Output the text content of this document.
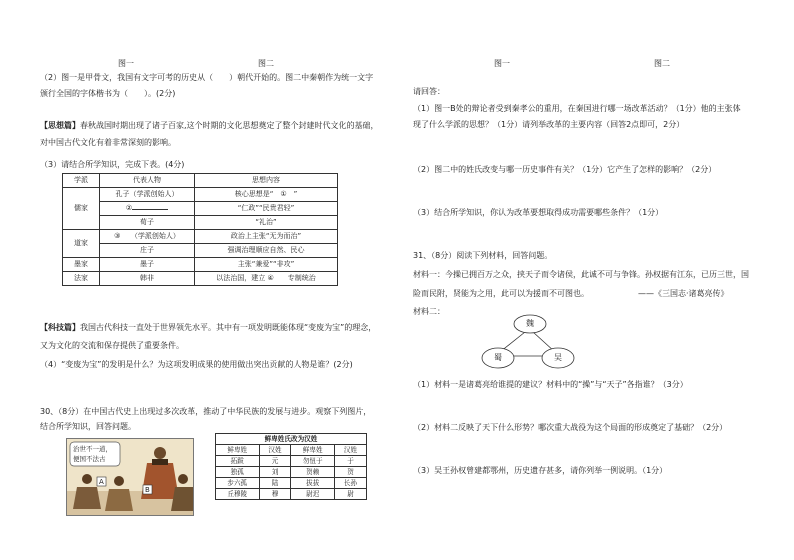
图一	图二
（2）图一是甲骨文，我国有文字可考的历史从（　　）朝代开始的。图二中秦朝作为统一文字
颁行全国的字体楷书为（　　）。(2分)
【思想篇】春秋战国时期出现了诸子百家,这个时期的文化思想奠定了整个封建时代文化的基础，
对中国古代文化有着非常深刻的影响。
（3）请结合所学知识，完成下表。(4分)
学派	代表人物	思想内容
儒家	孔子（学派创始人）	核心思想是“　①　”
	②	“仁政”“民贵君轻”
	荀子	“礼治”
道家	③　　（学派创始人）	政治上主张“无为而治”
	庄子	强调治理顺应自然、民心
墨家	墨子	主张“兼爱”“非攻”
法家	韩非	以法治国，建立 ④　　专制统治
【科技篇】我国古代科技一直处于世界领先水平。其中有一项发明既能体现“变废为宝”的理念，
又为文化的交流和保存提供了重要条件。
（4）“变废为宝”的发明是什么？为这项发明成果的使用做出突出贡献的人物是谁？(2分)
30、（8分）在中国古代史上出现过多次改革，推动了中华民族的发展与进步。观察下列图片，
结合所学知识，回答问题。
治世不一道，
便国不法古
A
B
鲜卑姓氏改为汉姓			
鲜卑姓	汉姓	鲜卑姓	汉姓
拓跋	元	勿忸于	于
独孤	刘	贺赖	贺
步六孤	陆	拔拔	长孙
丘穆陵	穆	尉迟	尉
图一	图二
请回答：
（1）图一B处的辩论者受到秦孝公的重用，在秦国进行哪一场改革活动？（1分）他的主张体
现了什么学派的思想？（1分）请列举改革的主要内容（回答2点即可，2分）
（2）图二中的姓氏改变与哪一历史事件有关？（1分）它产生了怎样的影响？（2分）
（3）结合所学知识，你认为改革要想取得成功需要哪些条件？（1分）
31、（8分）阅读下列材料，回答问题。
材料一：今操已拥百万之众，挟天子而令诸侯，此诚不可与争锋。孙权据有江东，已历三世，国
险而民附，贤能为之用，此可以为援而不可图也。	——《三国志·诸葛亮传》
材料二：
魏
蜀	吴
（1）材料一是诸葛亮给谁提的建议？材料中的“操”与“天子”各指谁？（3分）
（2）材料二反映了天下什么形势？哪次重大战役为这个局面的形成奠定了基础？（2分）
（3）吴王孙权曾建都鄂州，历史遗存甚多，请你列举一例说明。（1分）
